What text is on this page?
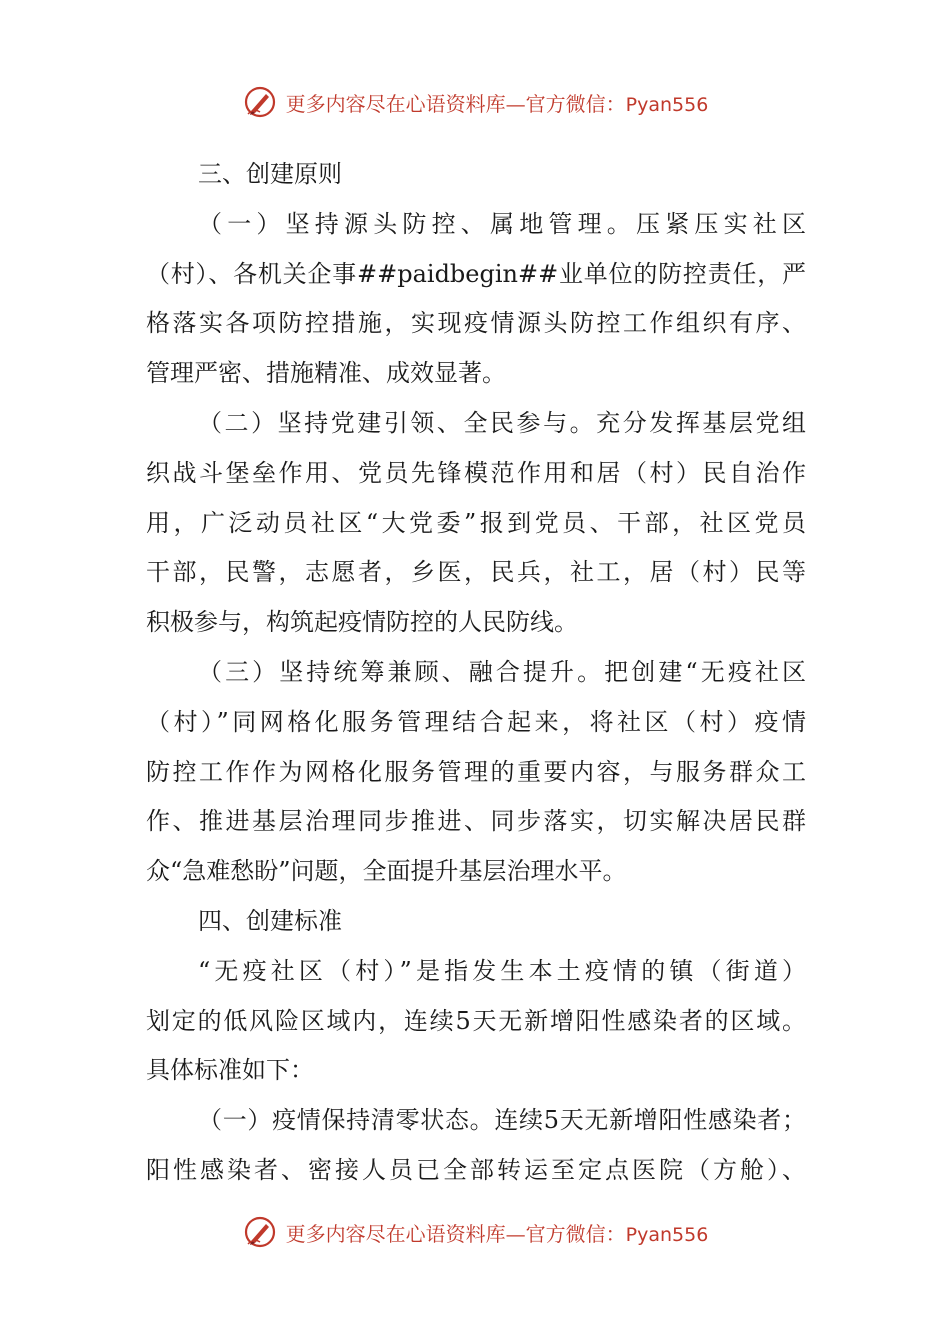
更多内容尽在心语资料库—官方微信：Pyan556
三、创建原则
（一）坚持源头防控、属地管理。压紧压实社区
（村）、各机关企事##paidbegin##业单位的防控责任，严
格落实各项防控措施，实现疫情源头防控工作组织有序、
管理严密、措施精准、成效显著。
（二）坚持党建引领、全民参与。充分发挥基层党组
织战斗堡垒作用、党员先锋模范作用和居（村）民自治作
用，广泛动员社区“大党委”报到党员、干部，社区党员
干部，民警，志愿者，乡医，民兵，社工，居（村）民等
积极参与，构筑起疫情防控的人民防线。
（三）坚持统筹兼顾、融合提升。把创建“无疫社区
（村）”同网格化服务管理结合起来，将社区（村）疫情
防控工作作为网格化服务管理的重要内容，与服务群众工
作、推进基层治理同步推进、同步落实，切实解决居民群
众“急难愁盼”问题，全面提升基层治理水平。
四、创建标准
“无疫社区（村）”是指发生本土疫情的镇（街道）
划定的低风险区域内，连续5天无新增阳性感染者的区域。
具体标准如下：
（一）疫情保持清零状态。连续5天无新增阳性感染者；
阳性感染者、密接人员已全部转运至定点医院（方舱）、
更多内容尽在心语资料库—官方微信：Pyan556
